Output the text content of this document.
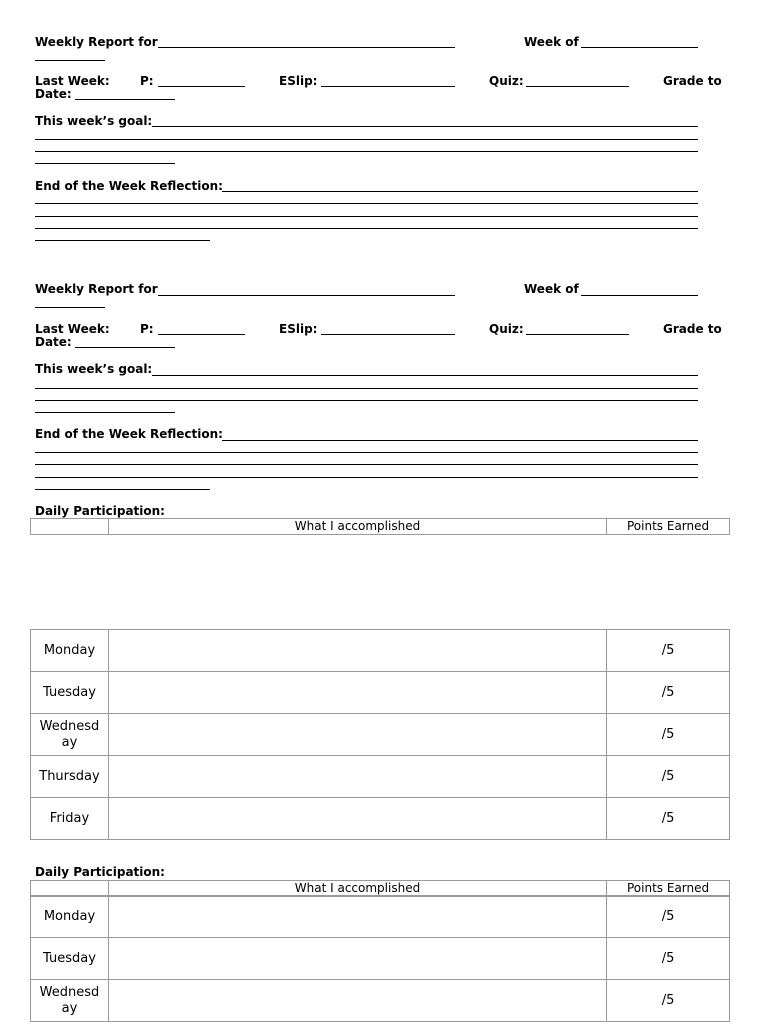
Weekly Report for	Week of
Last Week:	P:	ESlip:	Quiz:	Grade to
Date:
This week’s goal:
End of the Week Reflection:
Weekly Report for	Week of
Last Week:	P:	ESlip:	Quiz:	Grade to
Date:
This week’s goal:
End of the Week Reflection:
Daily Participation:
	What I accomplished	Points Earned
Monday		/5
Tuesday		/5
Wednesd
ay		/5
Thursday		/5
Friday		/5
Daily Participation:
	What I accomplished	Points Earned
Monday		/5
Tuesday		/5
Wednesd
ay		/5
